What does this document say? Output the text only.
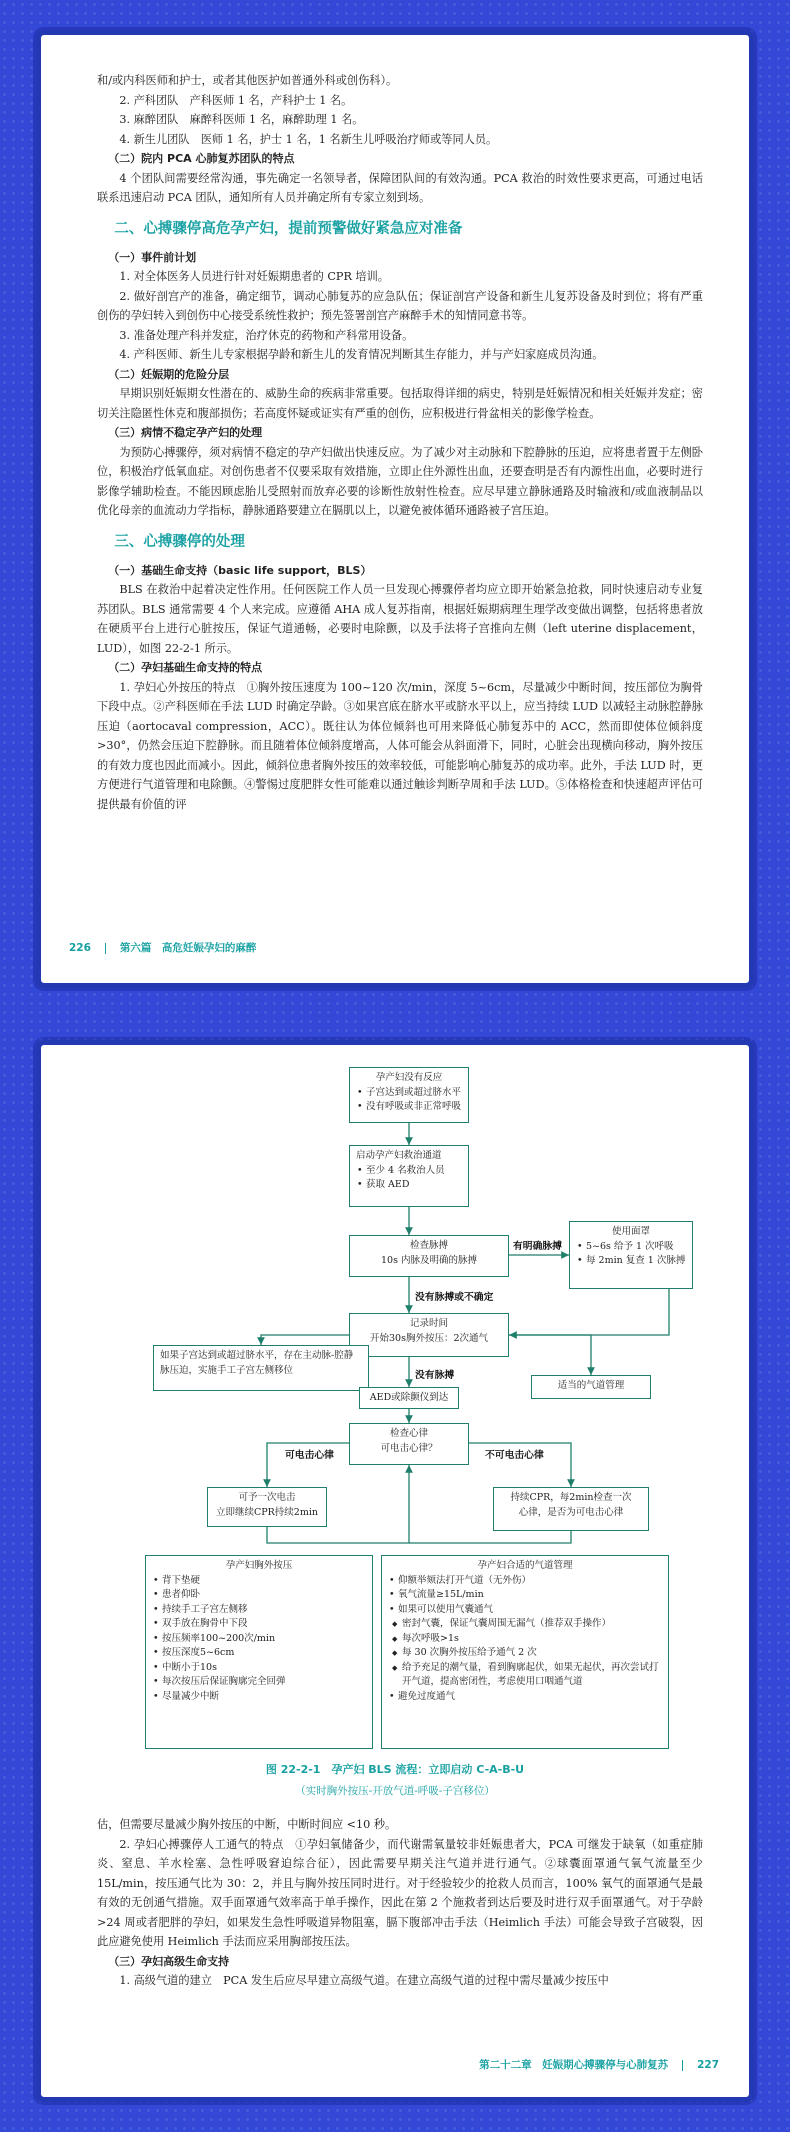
和/或内科医师和护士，或者其他医护如普通外科或创伤科）。

2. 产科团队　产科医师 1 名，产科护士 1 名。

3. 麻醉团队　麻醉科医师 1 名，麻醉助理 1 名。

4. 新生儿团队　医师 1 名，护士 1 名，1 名新生儿呼吸治疗师或等同人员。

（二）院内 PCA 心肺复苏团队的特点

4 个团队间需要经常沟通，事先确定一名领导者，保障团队间的有效沟通。PCA 救治的时效性要求更高，可通过电话联系迅速启动 PCA 团队，通知所有人员并确定所有专家立刻到场。

二、心搏骤停高危孕产妇，提前预警做好紧急应对准备

（一）事件前计划

1. 对全体医务人员进行针对妊娠期患者的 CPR 培训。

2. 做好剖宫产的准备，确定细节，调动心肺复苏的应急队伍；保证剖宫产设备和新生儿复苏设备及时到位；将有严重创伤的孕妇转入到创伤中心接受系统性救护；预先签署剖宫产麻醉手术的知情同意书等。

3. 准备处理产科并发症，治疗休克的药物和产科常用设备。

4. 产科医师、新生儿专家根据孕龄和新生儿的发育情况判断其生存能力，并与产妇家庭成员沟通。

（二）妊娠期的危险分层

早期识别妊娠期女性潜在的、威胁生命的疾病非常重要。包括取得详细的病史，特别是妊娠情况和相关妊娠并发症；密切关注隐匿性休克和腹部损伤；若高度怀疑或证实有严重的创伤，应积极进行骨盆相关的影像学检查。

（三）病情不稳定孕产妇的处理

为预防心搏骤停，须对病情不稳定的孕产妇做出快速反应。为了减少对主动脉和下腔静脉的压迫，应将患者置于左侧卧位，积极治疗低氧血症。对创伤患者不仅要采取有效措施，立即止住外源性出血，还要查明是否有内源性出血，必要时进行影像学辅助检查。不能因顾虑胎儿受照射而放弃必要的诊断性放射性检查。应尽早建立静脉通路及时输液和/或血液制品以优化母亲的血流动力学指标，静脉通路要建立在膈肌以上，以避免被体循环通路被子宫压迫。

三、心搏骤停的处理

（一）基础生命支持（basic life support，BLS）

BLS 在救治中起着决定性作用。任何医院工作人员一旦发现心搏骤停者均应立即开始紧急抢救，同时快速启动专业复苏团队。BLS 通常需要 4 个人来完成。应遵循 AHA 成人复苏指南，根据妊娠期病理生理学改变做出调整，包括将患者放在硬质平台上进行心脏按压，保证气道通畅，必要时电除颤，以及手法将子宫推向左侧（left uterine displacement，LUD），如图 22-2-1 所示。

（二）孕妇基础生命支持的特点

1. 孕妇心外按压的特点　①胸外按压速度为 100~120 次/min，深度 5~6cm，尽量减少中断时间，按压部位为胸骨下段中点。②产科医师在手法 LUD 时确定孕龄。③如果宫底在脐水平或脐水平以上，应当持续 LUD 以减轻主动脉腔静脉压迫（aortocaval compression，ACC）。既往认为体位倾斜也可用来降低心肺复苏中的 ACC，然而即使体位倾斜度 >30°，仍然会压迫下腔静脉。而且随着体位倾斜度增高，人体可能会从斜面滑下，同时，心脏会出现横向移动，胸外按压的有效力度也因此而减小。因此，倾斜位患者胸外按压的效率较低，可能影响心肺复苏的成功率。此外，手法 LUD 时，更方便进行气道管理和电除颤。④警惕过度肥胖女性可能难以通过触诊判断孕周和手法 LUD。⑤体格检查和快速超声评估可提供最有价值的评

226	第六篇　高危妊娠孕妇的麻醉
孕产妇没有反应
• 子宫达到或超过脐水平
• 没有呼吸或非正常呼吸
启动孕产妇救治通道
• 至少 4 名救治人员
• 获取 AED
检查脉搏
10s 内脉及明确的脉搏
有明确脉搏
使用面罩
• 5~6s 给予 1 次呼吸
• 每 2min 复查 1 次脉搏
没有脉搏或不确定
记录时间
开始30s胸外按压：2次通气
如果子宫达到或超过脐水平，存在主动脉-腔静脉压迫，实施手工子宫左侧移位
适当的气道管理
没有脉搏
AED或除颤仪到达
检查心律
可电击心律？
可电击心律	不可电击心律
可予一次电击
立即继续CPR持续2min
持续CPR，每2min检查一次
心律，是否为可电击心律
孕产妇胸外按压
• 背下垫硬
• 患者仰卧
• 持续手工子宫左侧移
• 双手放在胸骨中下段
• 按压频率100~200次/min
• 按压深度5~6cm
• 中断小于10s
• 每次按压后保证胸廓完全回弹
• 尽量减少中断
孕产妇合适的气道管理
• 仰额举颏法打开气道（无外伤）
• 氧气流量≥15L/min
• 如果可以使用气囊通气
◆ 密封气囊，保证气囊周围无漏气（推荐双手操作）
◆ 每次呼吸>1s
◆ 每 30 次胸外按压给予通气 2 次
◆ 给予充足的潮气量，看到胸廓起伏，如果无起伏，再次尝试打开气道，提高密闭性，考虑使用口咽通气道
• 避免过度通气
图 22-2-1　孕产妇 BLS 流程：立即启动 C-A-B-U
（实时胸外按压-开放气道-呼吸-子宫移位）

估，但需要尽量减少胸外按压的中断，中断时间应 <10 秒。

2. 孕妇心搏骤停人工通气的特点　①孕妇氧储备少，而代谢需氧量较非妊娠患者大，PCA 可继发于缺氧（如重症肺炎、窒息、羊水栓塞、急性呼吸窘迫综合征），因此需要早期关注气道并进行通气。②球囊面罩通气氧气流量至少 15L/min，按压通气比为 30：2，并且与胸外按压同时进行。对于经验较少的抢救人员而言，100% 氧气的面罩通气是最有效的无创通气措施。双手面罩通气效率高于单手操作，因此在第 2 个施救者到达后要及时进行双手面罩通气。对于孕龄 >24 周或者肥胖的孕妇，如果发生急性呼吸道异物阻塞，膈下腹部冲击手法（Heimlich 手法）可能会导致子宫破裂，因此应避免使用 Heimlich 手法而应采用胸部按压法。

（三）孕妇高级生命支持

1. 高级气道的建立　PCA 发生后应尽早建立高级气道。在建立高级气道的过程中需尽量减少按压中

第二十二章　妊娠期心搏骤停与心肺复苏	227
